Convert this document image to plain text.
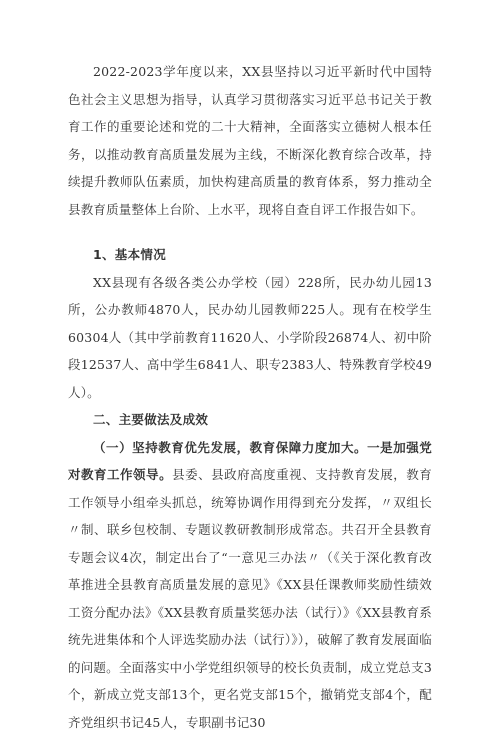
2022-2023学年度以来，XX县坚持以习近平新时代中国特色社会主义思想为指导，认真学习贯彻落实习近平总书记关于教育工作的重要论述和党的二十大精神，全面落实立德树人根本任务，以推动教育高质量发展为主线，不断深化教育综合改革，持续提升教师队伍素质，加快构建高质量的教育体系，努力推动全县教育质量整体上台阶、上水平，现将自查自评工作报告如下。

1、基本情况

XX县现有各级各类公办学校（园）228所，民办幼儿园13所，公办教师4870人，民办幼儿园教师225人。现有在校学生60304人（其中学前教育11620人、小学阶段26874人、初中阶段12537人、高中学生6841人、职专2383人、特殊教育学校49人）。

二、主要做法及成效

（一）坚持教育优先发展，教育保障力度加大。一是加强党对教育工作领导。县委、县政府高度重视、支持教育发展，教育工作领导小组牵头抓总，统筹协调作用得到充分发挥，〃双组长〃制、联乡包校制、专题议教研教制形成常态。共召开全县教育专题会议4次，制定出台了“一意见三办法〃（《关于深化教育改革推进全县教育高质量发展的意见》《XX县任课教师奖励性绩效工资分配办法》《XX县教育质量奖惩办法（试行）》《XX县教育系统先进集体和个人评选奖励办法（试行）》），破解了教育发展面临的问题。全面落实中小学党组织领导的校长负责制，成立党总支3个，新成立党支部13个，更名党支部15个，撤销党支部4个，配齐党组织书记45人，专职副书记30
